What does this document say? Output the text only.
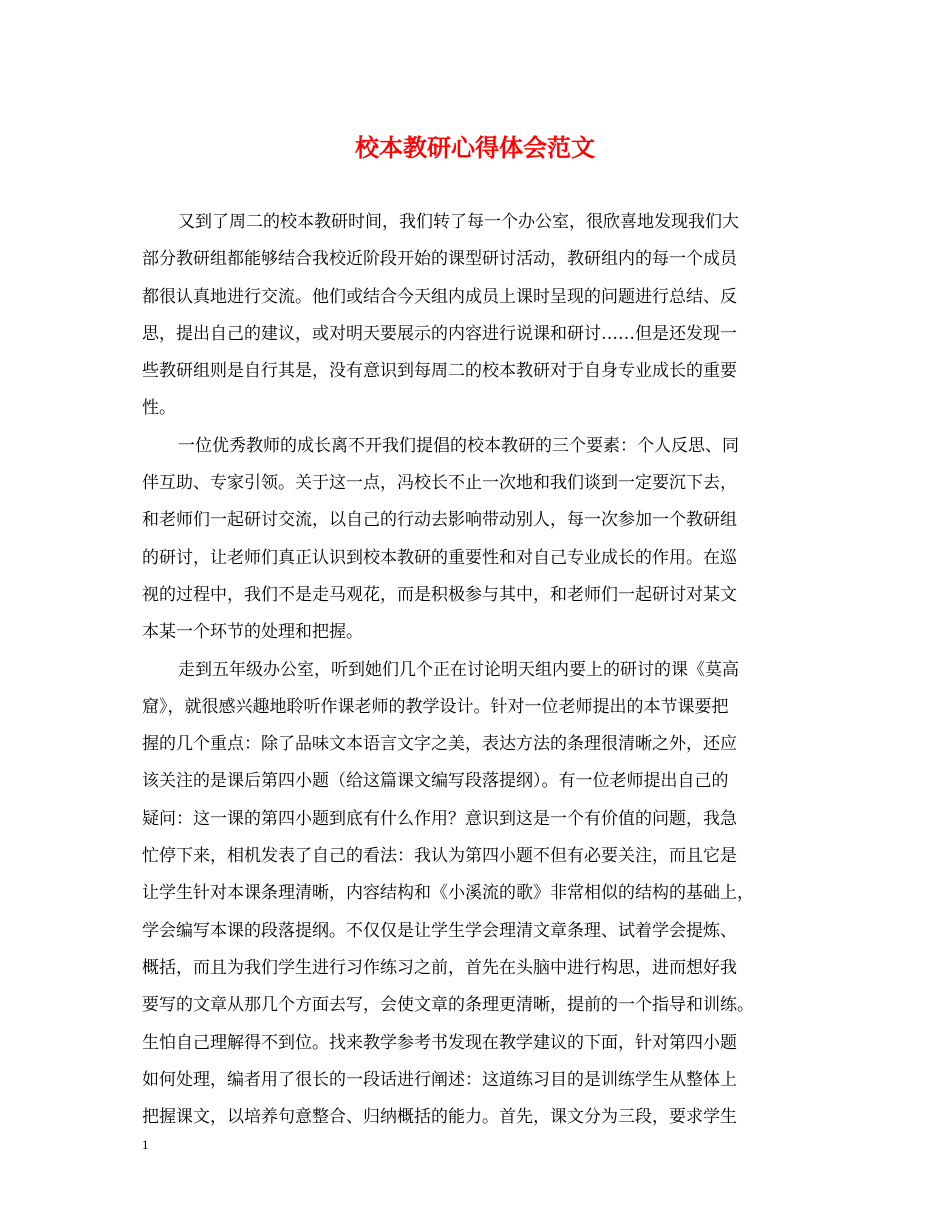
校本教研心得体会范文
又到了周二的校本教研时间，我们转了每一个办公室，很欣喜地发现我们大
部分教研组都能够结合我校近阶段开始的课型研讨活动，教研组内的每一个成员
都很认真地进行交流。他们或结合今天组内成员上课时呈现的问题进行总结、反
思，提出自己的建议，或对明天要展示的内容进行说课和研讨……但是还发现一
些教研组则是自行其是，没有意识到每周二的校本教研对于自身专业成长的重要
性。
一位优秀教师的成长离不开我们提倡的校本教研的三个要素：个人反思、同
伴互助、专家引领。关于这一点，冯校长不止一次地和我们谈到一定要沉下去，
和老师们一起研讨交流，以自己的行动去影响带动别人，每一次参加一个教研组
的研讨，让老师们真正认识到校本教研的重要性和对自己专业成长的作用。在巡
视的过程中，我们不是走马观花，而是积极参与其中，和老师们一起研讨对某文
本某一个环节的处理和把握。
走到五年级办公室，听到她们几个正在讨论明天组内要上的研讨的课《莫高
窟》，就很感兴趣地聆听作课老师的教学设计。针对一位老师提出的本节课要把
握的几个重点：除了品味文本语言文字之美，表达方法的条理很清晰之外，还应
该关注的是课后第四小题（给这篇课文编写段落提纲）。有一位老师提出自己的
疑问：这一课的第四小题到底有什么作用？意识到这是一个有价值的问题，我急
忙停下来，相机发表了自己的看法：我认为第四小题不但有必要关注，而且它是
让学生针对本课条理清晰，内容结构和《小溪流的歌》非常相似的结构的基础上，
学会编写本课的段落提纲。不仅仅是让学生学会理清文章条理、试着学会提炼、
概括，而且为我们学生进行习作练习之前，首先在头脑中进行构思，进而想好我
要写的文章从那几个方面去写，会使文章的条理更清晰，提前的一个指导和训练。
生怕自己理解得不到位。找来教学参考书发现在教学建议的下面，针对第四小题
如何处理，编者用了很长的一段话进行阐述：这道练习目的是训练学生从整体上
把握课文，以培养句意整合、归纳概括的能力。首先，课文分为三段，要求学生
1
